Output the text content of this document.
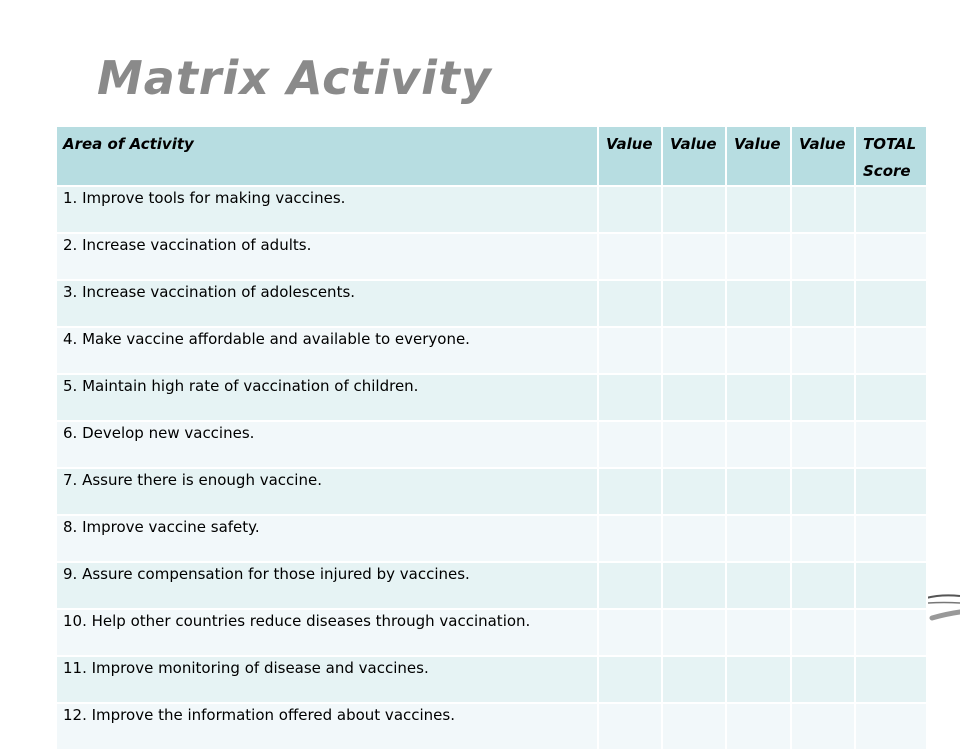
Matrix Activity
Area of Activity	Value	Value	Value	Value	TOTAL Score
1. Improve tools for making vaccines.					
2. Increase vaccination of adults.					
3. Increase vaccination of adolescents.					
4. Make vaccine affordable and available to everyone.					
5. Maintain high rate of vaccination of children.					
6. Develop new vaccines.					
7. Assure there is enough vaccine.					
8. Improve vaccine safety.					
9. Assure compensation for those injured by vaccines.					
10. Help other countries reduce diseases through vaccination.					
11. Improve monitoring of disease and vaccines.					
12. Improve the information offered about vaccines.					
